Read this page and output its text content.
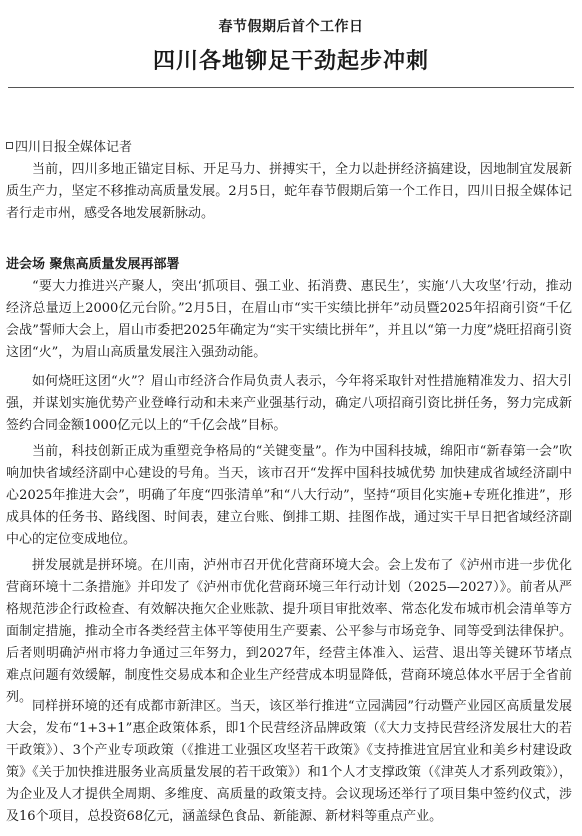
春节假期后首个工作日
四川各地铆足干劲起步冲刺
四川日报全媒体记者

当前，四川多地正锚定目标、开足马力、拼搏实干，全力以赴拼经济搞建设，因地制宜发展新质生产力，坚定不移推动高质量发展。2月5日，蛇年春节假期后第一个工作日，四川日报全媒体记者行走市州，感受各地发展新脉动。

进会场 聚焦高质量发展再部署

“要大力推进兴产聚人，突出‘抓项目、强工业、拓消费、惠民生’，实施‘八大攻坚’行动，推动经济总量迈上2000亿元台阶。”2月5日，在眉山市“实干实绩比拼年”动员暨2025年招商引资“千亿会战”誓师大会上，眉山市委把2025年确定为“实干实绩比拼年”，并且以“第一力度”烧旺招商引资这团“火”，为眉山高质量发展注入强劲动能。

如何烧旺这团“火”？眉山市经济合作局负责人表示，今年将采取针对性措施精准发力、招大引强，并谋划实施优势产业登峰行动和未来产业强基行动，确定八项招商引资比拼任务，努力完成新签约合同金额1000亿元以上的“千亿会战”目标。

当前，科技创新正成为重塑竞争格局的“关键变量”。作为中国科技城，绵阳市“新春第一会”吹响加快省域经济副中心建设的号角。当天，该市召开“发挥中国科技城优势 加快建成省域经济副中心2025年推进大会”，明确了年度“四张清单”和“八大行动”，坚持“项目化实施+专班化推进”，形成具体的任务书、路线图、时间表，建立台账、倒排工期、挂图作战，通过实干早日把省域经济副中心的定位变成地位。

拼发展就是拼环境。在川南，泸州市召开优化营商环境大会。会上发布了《泸州市进一步优化营商环境十二条措施》并印发了《泸州市优化营商环境三年行动计划（2025—2027）》。前者从严格规范涉企行政检查、有效解决拖欠企业账款、提升项目审批效率、常态化发布城市机会清单等方面制定措施，推动全市各类经营主体平等使用生产要素、公平参与市场竞争、同等受到法律保护。后者则明确泸州市将力争通过三年努力，到2027年，经营主体准入、运营、退出等关键环节堵点难点问题有效缓解，制度性交易成本和企业生产经营成本明显降低，营商环境总体水平居于全省前列。

同样拼环境的还有成都市新津区。当天，该区举行推进“立园满园”行动暨产业园区高质量发展大会，发布“1+3+1”惠企政策体系，即1个民营经济品牌政策（《大力支持民营经济发展壮大的若干政策》）、3个产业专项政策（《推进工业强区攻坚若干政策》《支持推进宜居宜业和美乡村建设政策》《关于加快推进服务业高质量发展的若干政策》）和1个人才支撑政策（《津英人才系列政策》），为企业及人才提供全周期、多维度、高质量的政策支持。会议现场还举行了项目集中签约仪式，涉及16个项目，总投资68亿元，涵盖绿色食品、新能源、新材料等重点产业。
